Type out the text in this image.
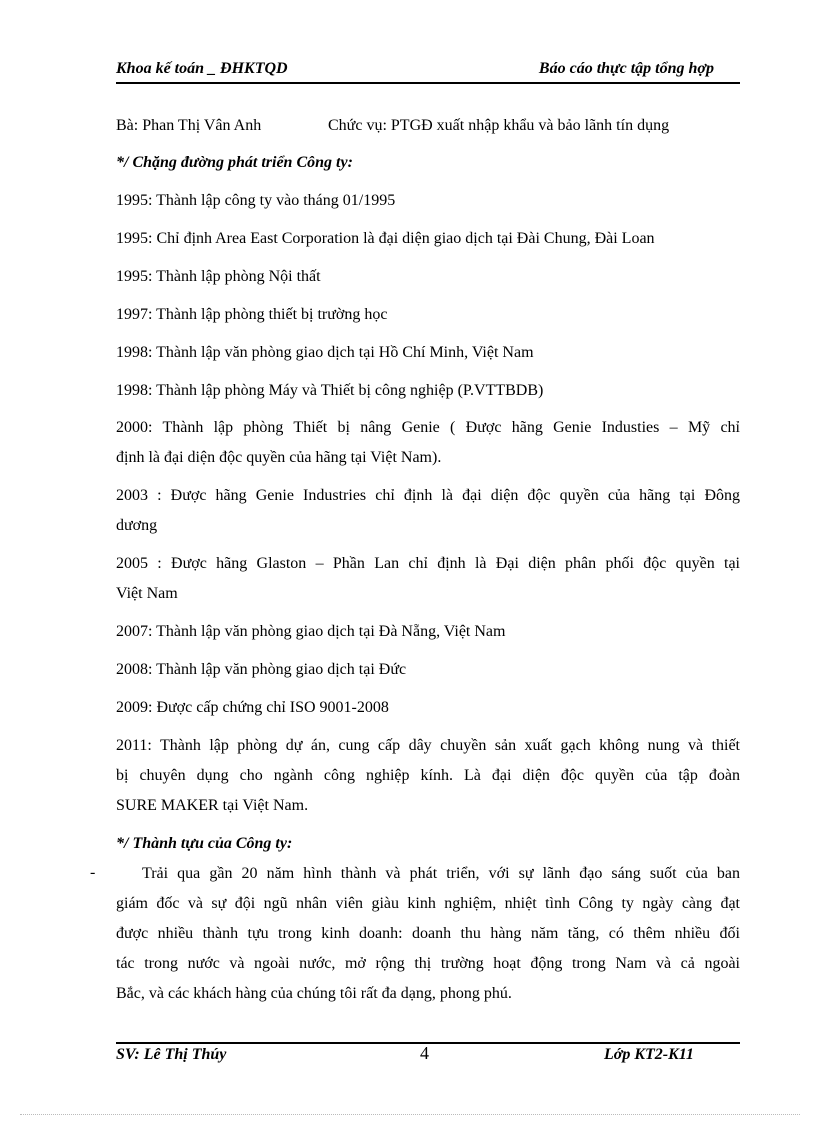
Khoa kế toán _ ĐHKTQD	Báo cáo thực tập tổng hợp
Bà: Phan Thị Vân Anh	Chức vụ: PTGĐ xuất nhập khẩu và bảo lãnh tín dụng
*/ Chặng đường phát triển Công ty:
1995: Thành lập công ty vào tháng 01/1995
1995: Chỉ định Area East Corporation là đại diện giao dịch tại Đài Chung, Đài Loan
1995: Thành lập phòng Nội thất
1997: Thành lập phòng thiết bị trường học
1998: Thành lập văn phòng giao dịch tại Hồ Chí Minh, Việt Nam
1998: Thành lập phòng Máy và Thiết bị công nghiệp (P.VTTBDB)
2000: Thành lập phòng Thiết bị nâng Genie ( Được hãng Genie Industies – Mỹ chỉ
định là đại diện độc quyền của hãng tại Việt Nam).
2003 : Được hãng Genie Industries chỉ định là đại diện độc quyền của hãng tại Đông
dương
2005 : Được hãng Glaston – Phần Lan chỉ định là Đại diện phân phối độc quyền tại
Việt Nam
2007: Thành lập văn phòng giao dịch tại Đà Nẵng, Việt Nam
2008: Thành lập văn phòng giao dịch tại Đức
2009: Được cấp chứng chỉ ISO 9001-2008
2011: Thành lập phòng dự án, cung cấp dây chuyền sản xuất gạch không nung và thiết
bị chuyên dụng cho ngành công nghiệp kính. Là đại diện độc quyền của tập đoàn
SURE MAKER tại Việt Nam.
*/ Thành tựu của Công ty:
-	Trải qua gần 20 năm hình thành và phát triển, với sự lãnh đạo sáng suốt của ban
giám đốc và sự đội ngũ nhân viên giàu kinh nghiệm, nhiệt tình Công ty ngày càng đạt
được nhiều thành tựu trong kinh doanh: doanh thu hàng năm tăng, có thêm nhiều đối
tác trong nước và ngoài nước, mở rộng thị trường hoạt động trong Nam và cả ngoài
Bắc, và các khách hàng của chúng tôi rất đa dạng, phong phú.
SV: Lê Thị Thúy	4	Lớp KT2-K11
